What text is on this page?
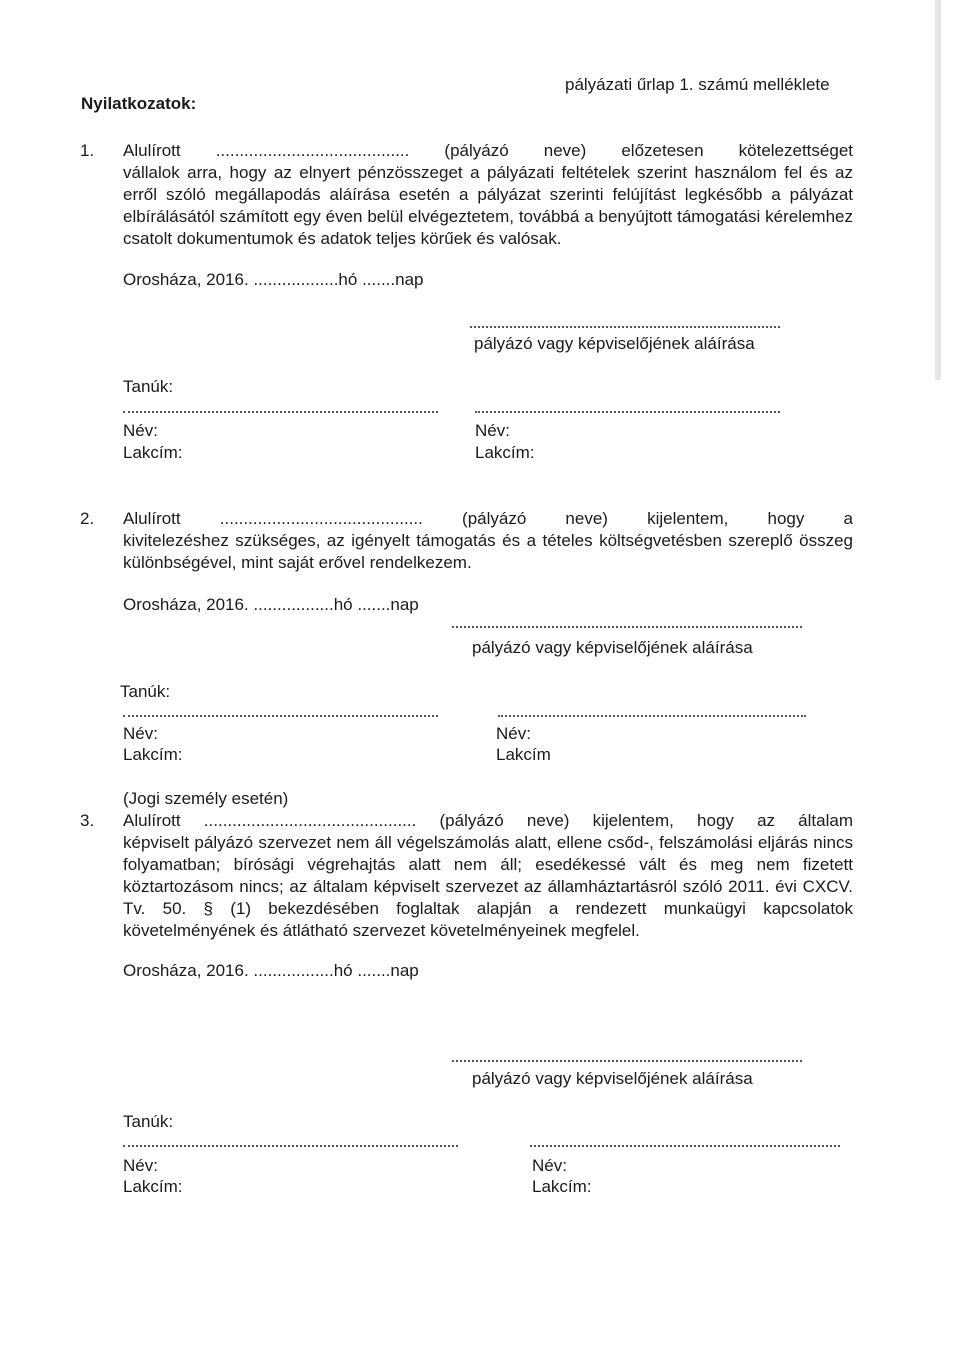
pályázati űrlap 1. számú melléklete
Nyilatkozatok:
1. Alulírott ......................................... (pályázó neve) előzetesen kötelezettséget
vállalok arra, hogy az elnyert pénzösszeget a pályázati feltételek szerint használom fel és az erről szóló megállapodás aláírása esetén a pályázat szerinti felújítást legkésőbb a pályázat elbírálásától számított egy éven belül elvégeztetem, továbbá a benyújtott támogatási kérelemhez csatolt dokumentumok és adatok teljes körűek és valósak.
Orosháza, 2016. ..................hó .......nap
pályázó vagy képviselőjének aláírása
Tanúk:
Név:
Lakcím:
Név:
Lakcím:
2. Alulírott ........................................... (pályázó neve) kijelentem, hogy a
kivitelezéshez szükséges, az igényelt támogatás és a tételes költségvetésben szereplő összeg különbségével, mint saját erővel rendelkezem.
Orosháza, 2016. .................hó .......nap
pályázó vagy képviselőjének aláírása
Tanúk:
Név:
Lakcím:
Név:
Lakcím
(Jogi személy esetén)
3. Alulírott ............................................. (pályázó neve) kijelentem, hogy az általam
képviselt pályázó szervezet nem áll végelszámolás alatt, ellene csőd-, felszámolási eljárás nincs folyamatban; bírósági végrehajtás alatt nem áll; esedékessé vált és meg nem fizetett köztartozásom nincs; az általam képviselt szervezet az államháztartásról szóló 2011. évi CXCV. Tv. 50. § (1) bekezdésében foglaltak alapján a rendezett munkaügyi kapcsolatok követelményének és átlátható szervezet követelményeinek megfelel.
Orosháza, 2016. .................hó .......nap
pályázó vagy képviselőjének aláírása
Tanúk:
Név:
Lakcím:
Név:
Lakcím:
